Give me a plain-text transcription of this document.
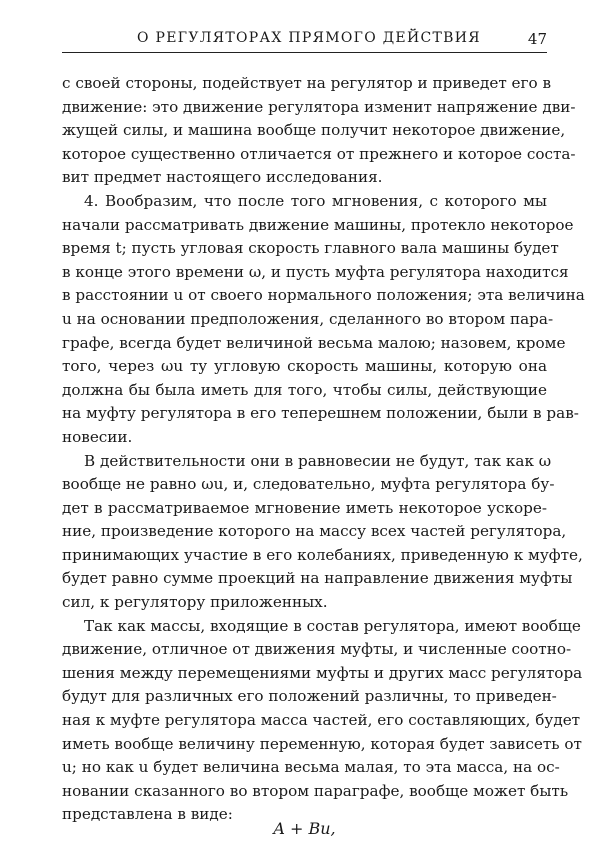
О РЕГУЛЯТОРАХ ПРЯМОГО ДЕЙСТВИЯ	47
с своей стороны, подействует на регулятор и приведет его в
движение: это движение регулятора изменит напряжение дви-
жущей силы, и машина вообще получит некоторое движение,
которое существенно отличается от прежнего и которое соста-
вит предмет настоящего исследования.
4. Вообразим, что после того мгновения, с которого мы
начали рассматривать движение машины, протекло некоторое
время t; пусть угловая скорость главного вала машины будет
в конце этого времени ω, и пусть муфта регулятора находится
в расстоянии u от своего нормального положения; эта величина
u на основании предположения, сделанного во втором пара-
графе, всегда будет величиной весьма малою; назовем, кроме
того, через ωu ту угловую скорость машины, которую она
должна бы была иметь для того, чтобы силы, действующие
на муфту регулятора в его теперешнем положении, были в рав-
новесии.
В действительности они в равновесии не будут, так как ω
вообще не равно ωu, и, следовательно, муфта регулятора бу-
дет в рассматриваемое мгновение иметь некоторое ускоре-
ние, произведение которого на массу всех частей регулятора,
принимающих участие в его колебаниях, приведенную к муфте,
будет равно сумме проекций на направление движения муфты
сил, к регулятору приложенных.
Так как массы, входящие в состав регулятора, имеют вообще
движение, отличное от движения муфты, и численные соотно-
шения между перемещениями муфты и других масс регулятора
будут для различных его положений различны, то приведен-
ная к муфте регулятора масса частей, его составляющих, будет
иметь вообще величину переменную, которая будет зависеть от
u; но как u будет величина весьма малая, то эта масса, на ос-
новании сказанного во втором параграфе, вообще может быть
представлена в виде:
A + Bu,
